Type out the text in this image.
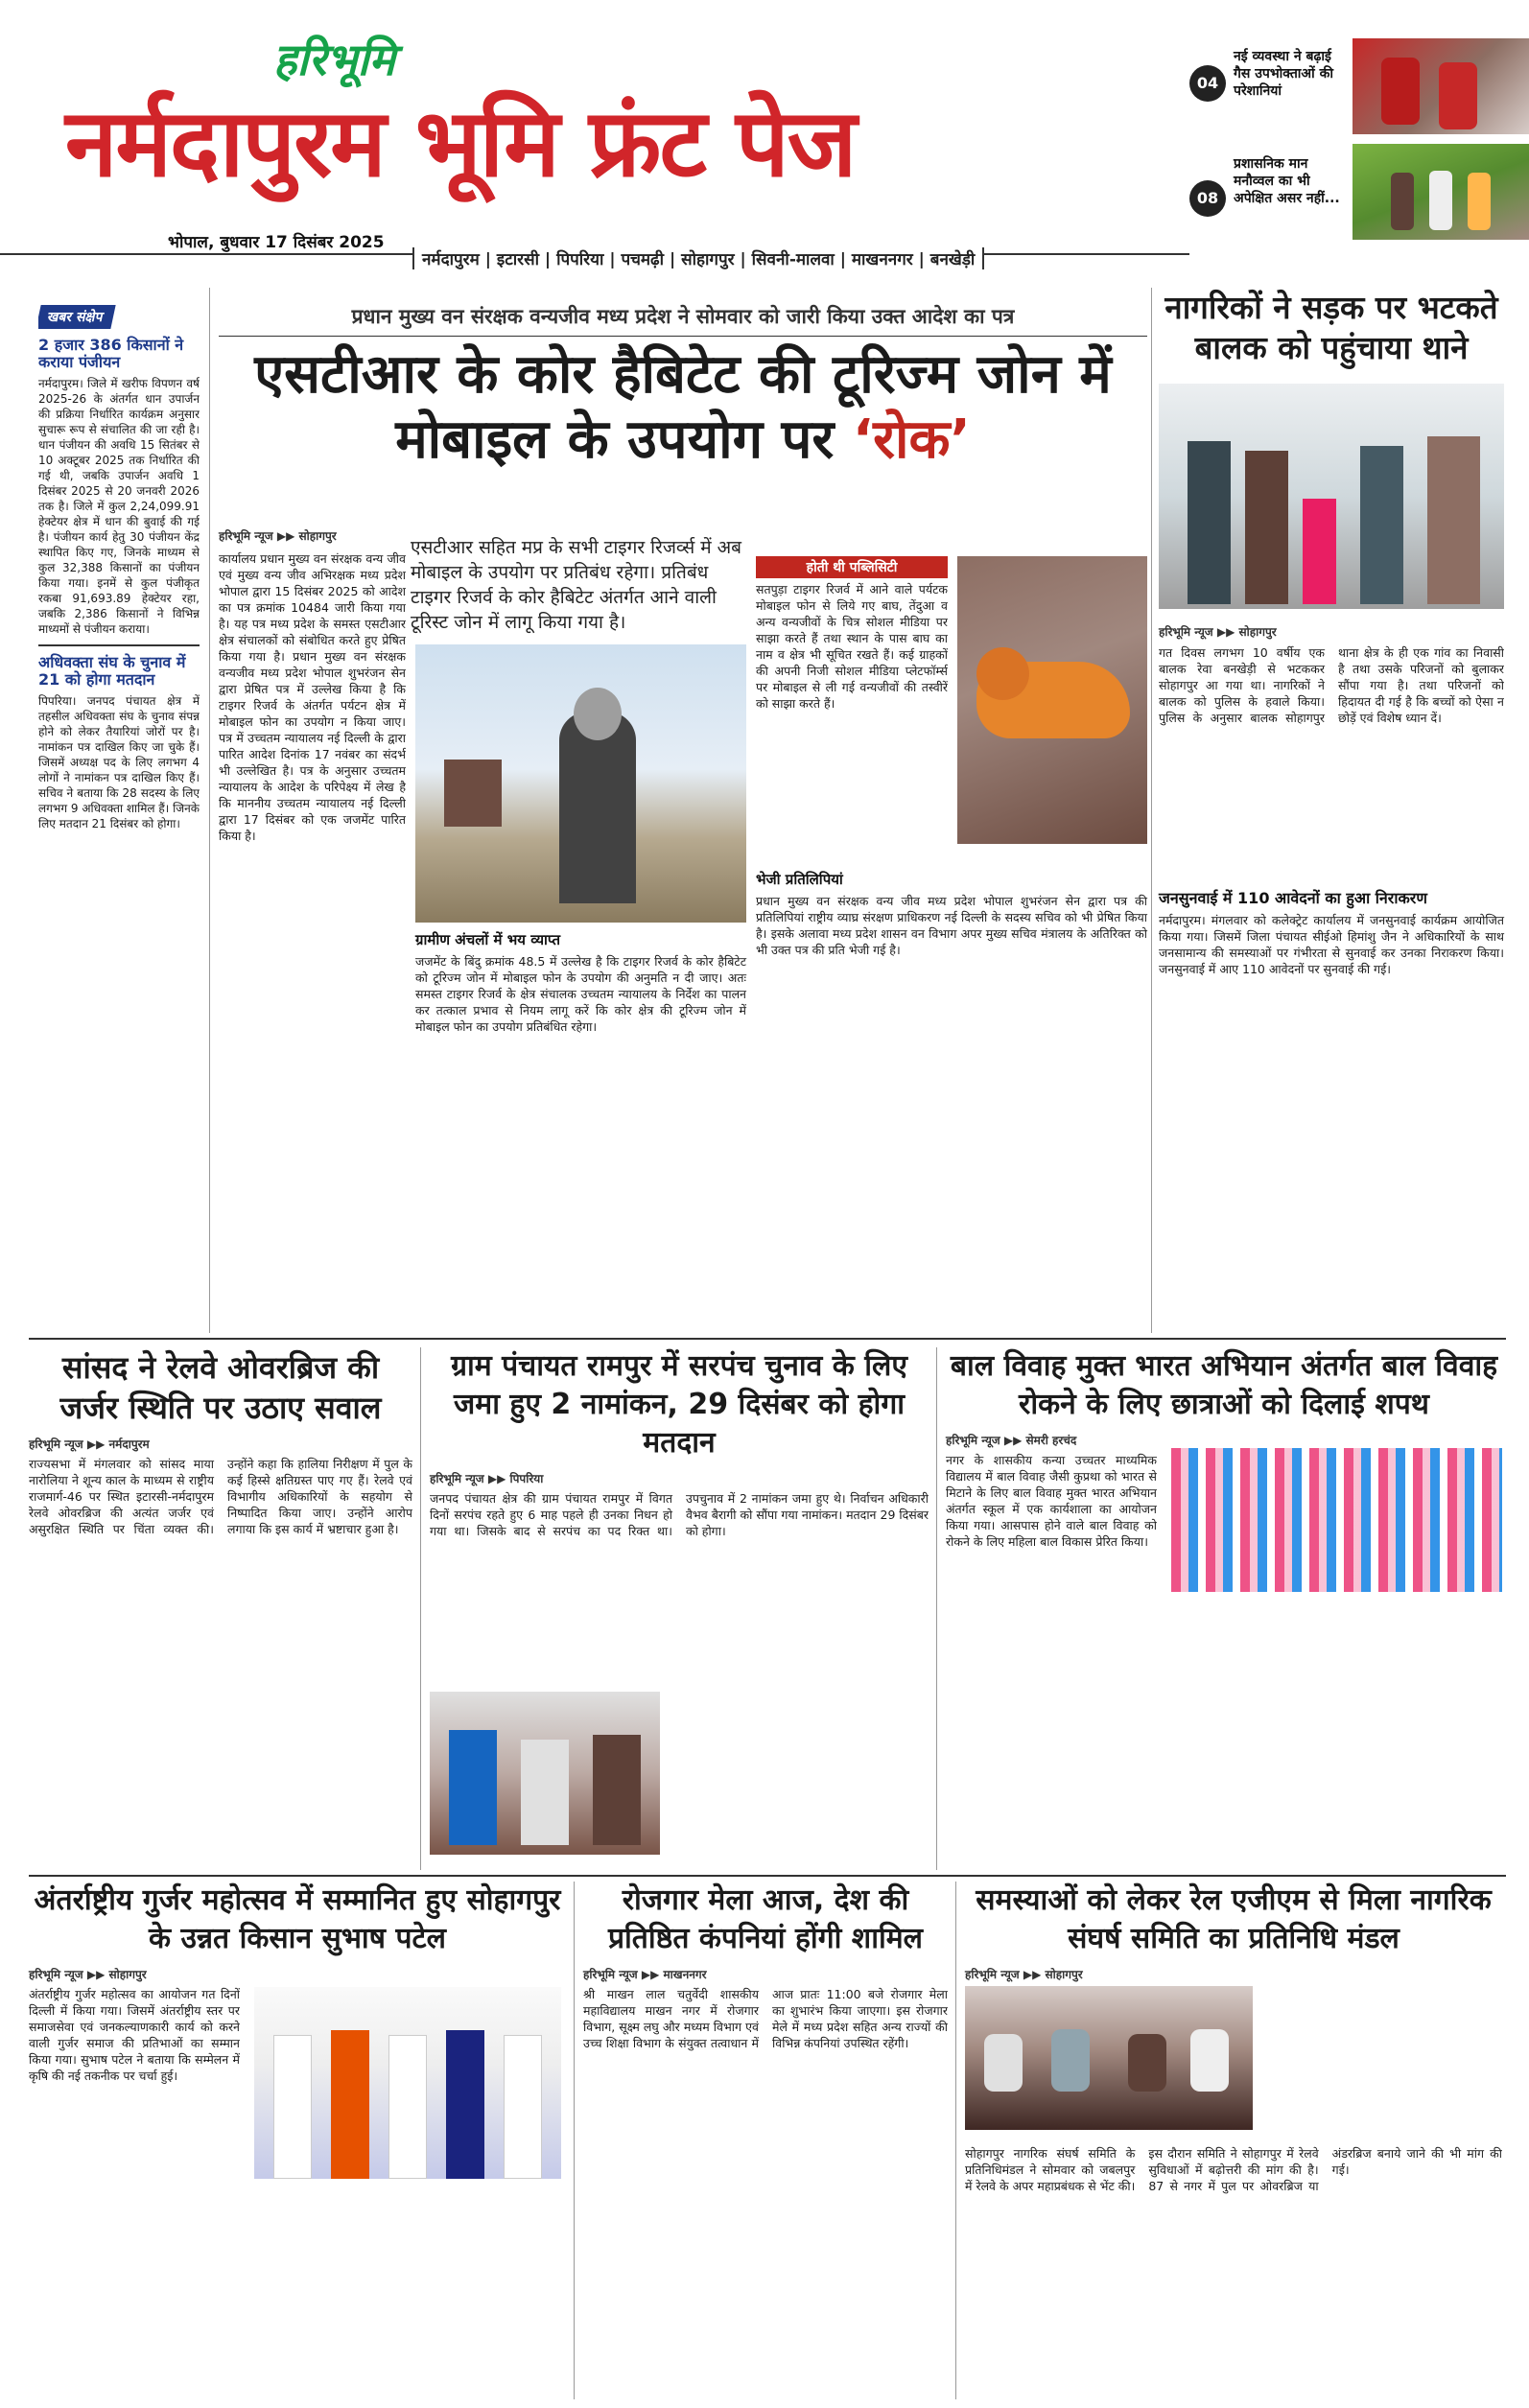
हरिभूमि
नर्मदापुरम भूमि फ्रंट पेज
भोपाल, बुधवार 17 दिसंबर 2025
नर्मदापुरम | इटारसी | पिपरिया | पचमढ़ी | सोहागपुर | सिवनी-मालवा | माखननगर | बनखेड़ी
04
नई व्यवस्था ने बढ़ाई गैस उपभोक्ताओं की परेशानियां
08
प्रशासनिक मान मनौव्वल का भी अपेक्षित असर नहीं...
खबर संक्षेप
2 हजार 386 किसानों ने कराया पंजीयन
नर्मदापुरम। जिले में खरीफ विपणन वर्ष 2025-26 के अंतर्गत धान उपार्जन की प्रक्रिया निर्धारित कार्यक्रम अनुसार सुचारू रूप से संचालित की जा रही है। धान पंजीयन की अवधि 15 सितंबर से 10 अक्टूबर 2025 तक निर्धारित की गई थी, जबकि उपार्जन अवधि 1 दिसंबर 2025 से 20 जनवरी 2026 तक है। जिले में कुल 2,24,099.91 हेक्टेयर क्षेत्र में धान की बुवाई की गई है। पंजीयन कार्य हेतु 30 पंजीयन केंद्र स्थापित किए गए, जिनके माध्यम से कुल 32,388 किसानों का पंजीयन किया गया। इनमें से कुल पंजीकृत रकबा 91,693.89 हेक्टेयर रहा, जबकि 2,386 किसानों ने विभिन्न माध्यमों से पंजीयन कराया।
अधिवक्ता संघ के चुनाव में 21 को होगा मतदान
पिपरिया। जनपद पंचायत क्षेत्र में तहसील अधिवक्ता संघ के चुनाव संपन्न होने को लेकर तैयारियां जोरों पर है। नामांकन पत्र दाखिल किए जा चुके हैं। जिसमें अध्यक्ष पद के लिए लगभग 4 लोगों ने नामांकन पत्र दाखिल किए हैं। सचिव ने बताया कि 28 सदस्य के लिए लगभग 9 अधिवक्ता शामिल हैं। जिनके लिए मतदान 21 दिसंबर को होगा।
प्रधान मुख्य वन संरक्षक वन्यजीव मध्य प्रदेश ने सोमवार को जारी किया उक्त आदेश का पत्र
एसटीआर के कोर हैबिटेट की टूरिज्म जोन में मोबाइल के उपयोग पर ‘रोक’
हरिभूमि न्यूज ▶▶ सोहागपुर
एसटीआर सहित मप्र के सभी टाइगर रिजर्व्स में अब मोबाइल के उपयोग पर प्रतिबंध रहेगा। प्रतिबंध टाइगर रिजर्व के कोर हैबिटेट अंतर्गत आने वाली टूरिस्ट जोन में लागू किया गया है।
कार्यालय प्रधान मुख्य वन संरक्षक वन्य जीव एवं मुख्य वन्य जीव अभिरक्षक मध्य प्रदेश भोपाल द्वारा 15 दिसंबर 2025 को आदेश का पत्र क्रमांक 10484 जारी किया गया है। यह पत्र मध्य प्रदेश के समस्त एसटीआर क्षेत्र संचालकों को संबोधित करते हुए प्रेषित किया गया है। प्रधान मुख्य वन संरक्षक वन्यजीव मध्य प्रदेश भोपाल शुभरंजन सेन द्वारा प्रेषित पत्र में उल्लेख किया है कि टाइगर रिजर्व के अंतर्गत पर्यटन क्षेत्र में मोबाइल फोन का उपयोग न किया जाए। पत्र में उच्चतम न्यायालय नई दिल्ली के द्वारा पारित आदेश दिनांक 17 नवंबर का संदर्भ भी उल्लेखित है। पत्र के अनुसार उच्चतम न्यायालय के आदेश के परिपेक्ष्य में लेख है कि माननीय उच्चतम न्यायालय नई दिल्ली द्वारा 17 दिसंबर को एक जजमेंट पारित किया है।
ग्रामीण अंचलों में भय व्याप्त
जजमेंट के बिंदु क्रमांक 48.5 में उल्लेख है कि टाइगर रिजर्व के कोर हैबिटेट को टूरिज्म जोन में मोबाइल फोन के उपयोग की अनुमति न दी जाए। अतः समस्त टाइगर रिजर्व के क्षेत्र संचालक उच्चतम न्यायालय के निर्देश का पालन कर तत्काल प्रभाव से नियम लागू करें कि कोर क्षेत्र की टूरिज्म जोन में मोबाइल फोन का उपयोग प्रतिबंधित रहेगा।
होती थी पब्लिसिटी
सतपुड़ा टाइगर रिजर्व में आने वाले पर्यटक मोबाइल फोन से लिये गए बाघ, तेंदुआ व अन्य वन्यजीवों के चित्र सोशल मीडिया पर साझा करते हैं तथा स्थान के पास बाघ का नाम व क्षेत्र भी सूचित रखते हैं। कई ग्राहकों की अपनी निजी सोशल मीडिया प्लेटफॉर्म्स पर मोबाइल से ली गई वन्यजीवों की तस्वीरें को साझा करते हैं।
भेजी प्रतिलिपियां
प्रधान मुख्य वन संरक्षक वन्य जीव मध्य प्रदेश भोपाल शुभरंजन सेन द्वारा पत्र की प्रतिलिपियां राष्ट्रीय व्याघ्र संरक्षण प्राधिकरण नई दिल्ली के सदस्य सचिव को भी प्रेषित किया है। इसके अलावा मध्य प्रदेश शासन वन विभाग अपर मुख्य सचिव मंत्रालय के अतिरिक्त को भी उक्त पत्र की प्रति भेजी गई है।
नागरिकों ने सड़क पर भटकते बालक को पहुंचाया थाने
हरिभूमि न्यूज ▶▶ सोहागपुर
गत दिवस लगभग 10 वर्षीय एक बालक रेवा बनखेड़ी से भटककर सोहागपुर आ गया था। नागरिकों ने बालक को पुलिस के हवाले किया। पुलिस के अनुसार बालक सोहागपुर थाना क्षेत्र के ही एक गांव का निवासी है तथा उसके परिजनों को बुलाकर सौंपा गया है। तथा परिजनों को हिदायत दी गई है कि बच्चों को ऐसा न छोड़ें एवं विशेष ध्यान दें।
जनसुनवाई में 110 आवेदनों का हुआ निराकरण
नर्मदापुरम। मंगलवार को कलेक्ट्रेट कार्यालय में जनसुनवाई कार्यक्रम आयोजित किया गया। जिसमें जिला पंचायत सीईओ हिमांशु जैन ने अधिकारियों के साथ जनसामान्य की समस्याओं पर गंभीरता से सुनवाई कर उनका निराकरण किया। जनसुनवाई में आए 110 आवेदनों पर सुनवाई की गई।
सांसद ने रेलवे ओवरब्रिज की जर्जर स्थिति पर उठाए सवाल
हरिभूमि न्यूज ▶▶ नर्मदापुरम
राज्यसभा में मंगलवार को सांसद माया नारोलिया ने शून्य काल के माध्यम से राष्ट्रीय राजमार्ग-46 पर स्थित इटारसी-नर्मदापुरम रेलवे ओवरब्रिज की अत्यंत जर्जर एवं असुरक्षित स्थिति पर चिंता व्यक्त की। उन्होंने कहा कि हालिया निरीक्षण में पुल के कई हिस्से क्षतिग्रस्त पाए गए हैं। रेलवे एवं विभागीय अधिकारियों के सहयोग से निष्पादित किया जाए। उन्होंने आरोप लगाया कि इस कार्य में भ्रष्टाचार हुआ है।
ग्राम पंचायत रामपुर में सरपंच चुनाव के लिए जमा हुए 2 नामांकन, 29 दिसंबर को होगा मतदान
हरिभूमि न्यूज ▶▶ पिपरिया
जनपद पंचायत क्षेत्र की ग्राम पंचायत रामपुर में विगत दिनों सरपंच रहते हुए 6 माह पहले ही उनका निधन हो गया था। जिसके बाद से सरपंच का पद रिक्त था। उपचुनाव में 2 नामांकन जमा हुए थे। निर्वाचन अधिकारी वैभव बैरागी को सौंपा गया नामांकन। मतदान 29 दिसंबर को होगा।
बाल विवाह मुक्त भारत अभियान अंतर्गत बाल विवाह रोकने के लिए छात्राओं को दिलाई शपथ
हरिभूमि न्यूज ▶▶ सेमरी हरचंद
नगर के शासकीय कन्या उच्चतर माध्यमिक विद्यालय में बाल विवाह जैसी कुप्रथा को भारत से मिटाने के लिए बाल विवाह मुक्त भारत अभियान अंतर्गत स्कूल में एक कार्यशाला का आयोजन किया गया। आसपास होने वाले बाल विवाह को रोकने के लिए महिला बाल विकास प्रेरित किया।
अंतर्राष्ट्रीय गुर्जर महोत्सव में सम्मानित हुए सोहागपुर के उन्नत किसान सुभाष पटेल
हरिभूमि न्यूज ▶▶ सोहागपुर
अंतर्राष्ट्रीय गुर्जर महोत्सव का आयोजन गत दिनों दिल्ली में किया गया। जिसमें अंतर्राष्ट्रीय स्तर पर समाजसेवा एवं जनकल्याणकारी कार्य को करने वाली गुर्जर समाज की प्रतिभाओं का सम्मान किया गया। सुभाष पटेल ने बताया कि सम्मेलन में कृषि की नई तकनीक पर चर्चा हुई।
रोजगार मेला आज, देश की प्रतिष्ठित कंपनियां होंगी शामिल
हरिभूमि न्यूज ▶▶ माखननगर
श्री माखन लाल चतुर्वेदी शासकीय महाविद्यालय माखन नगर में रोजगार विभाग, सूक्ष्म लघु और मध्यम विभाग एवं उच्च शिक्षा विभाग के संयुक्त तत्वाधान में आज प्रातः 11:00 बजे रोजगार मेला का शुभारंभ किया जाएगा। इस रोजगार मेले में मध्य प्रदेश सहित अन्य राज्यों की विभिन्न कंपनियां उपस्थित रहेंगी।
समस्याओं को लेकर रेल एजीएम से मिला नागरिक संघर्ष समिति का प्रतिनिधि मंडल
हरिभूमि न्यूज ▶▶ सोहागपुर
सोहागपुर नागरिक संघर्ष समिति के प्रतिनिधिमंडल ने सोमवार को जबलपुर में रेलवे के अपर महाप्रबंधक से भेंट की। इस दौरान समिति ने सोहागपुर में रेलवे सुविधाओं में बढ़ोत्तरी की मांग की है। 87 से नगर में पुल पर ओवरब्रिज या अंडरब्रिज बनाये जाने की भी मांग की गई।
